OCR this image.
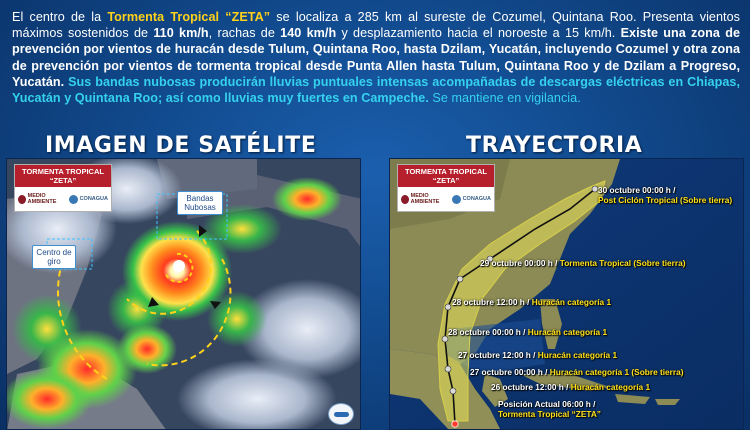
El centro de la Tormenta Tropical “ZETA” se localiza a 285 km al sureste de Cozumel, Quintana Roo. Presenta vientos máximos sostenidos de 110 km/h, rachas de 140 km/h y desplazamiento hacia el noroeste a 15 km/h. Existe una zona de prevención por vientos de huracán desde Tulum, Quintana Roo, hasta Dzilam, Yucatán, incluyendo Cozumel y otra zona de prevención por vientos de tormenta tropical desde Punta Allen hasta Tulum, Quintana Roo y de Dzilam a Progreso, Yucatán. Sus bandas nubosas producirán lluvias puntuales intensas acompañadas de descargas eléctricas en Chiapas, Yucatán y Quintana Roo; así como lluvias muy fuertes en Campeche. Se mantiene en vigilancia.

IMAGEN DE SATÉLITE	TRAYECTORIA
TORMENTA TROPICAL “ZETA”
MEDIO AMBIENTE	CONAGUA	Bandas Nubosas
Centro de giro
TORMENTA TROPICAL “ZETA”
MEDIO AMBIENTE	CONAGUA
30 octubre 00:00 h /
Post Ciclón Tropical (Sobre tierra)
29 octubre 00:00 h / Tormenta Tropical (Sobre tierra)
28 octubre 12:00 h / Huracán categoría 1
28 octubre 00:00 h / Huracán categoría 1
27 octubre 12:00 h / Huracán categoría 1
27 octubre 00:00 h / Huracán categoría 1 (Sobre tierra)
26 octubre 12:00 h / Huracán categoría 1
Posición Actual 06:00 h /
Tormenta Tropical “ZETA”
